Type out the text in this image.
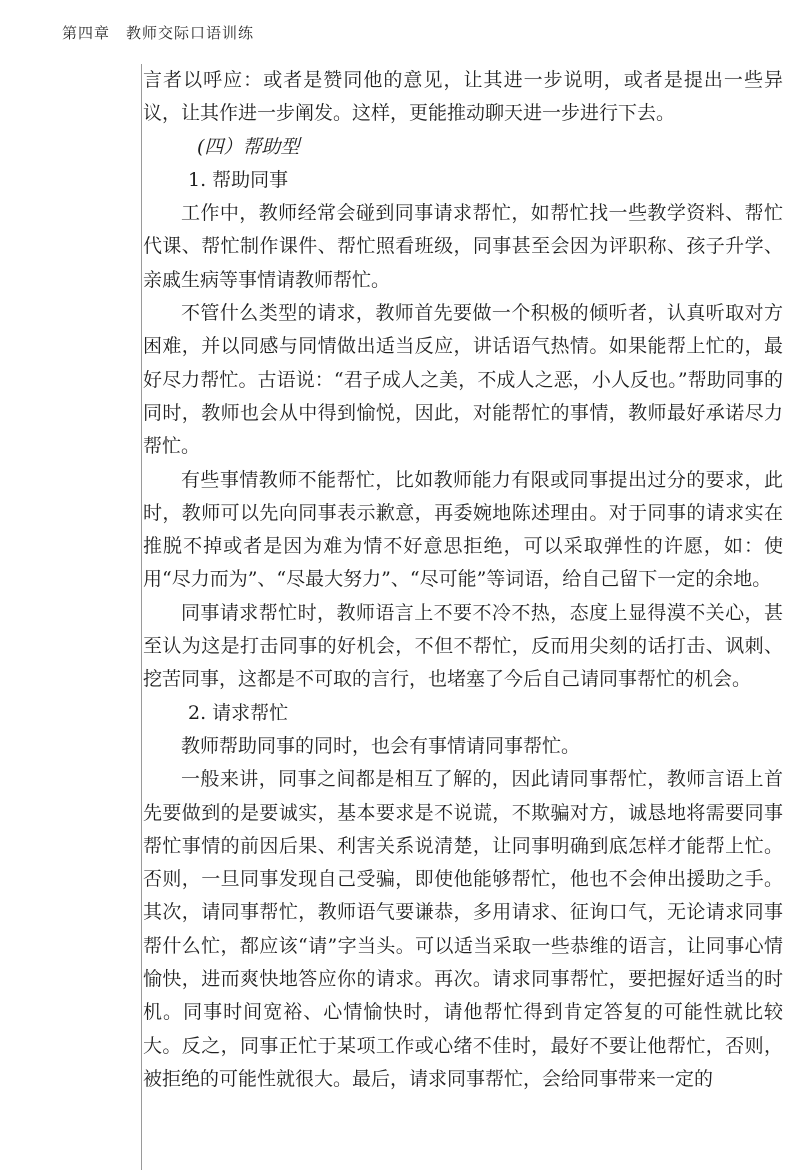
第四章　教师交际口语训练

言者以呼应：或者是赞同他的意见，让其进一步说明，或者是提出一些异议，让其作进一步阐发。这样，更能推动聊天进一步进行下去。

(四）帮助型

1. 帮助同事

工作中，教师经常会碰到同事请求帮忙，如帮忙找一些教学资料、帮忙代课、帮忙制作课件、帮忙照看班级，同事甚至会因为评职称、孩子升学、亲戚生病等事情请教师帮忙。

不管什么类型的请求，教师首先要做一个积极的倾听者，认真听取对方困难，并以同感与同情做出适当反应，讲话语气热情。如果能帮上忙的，最好尽力帮忙。古语说：“君子成人之美，不成人之恶，小人反也。”帮助同事的同时，教师也会从中得到愉悦，因此，对能帮忙的事情，教师最好承诺尽力帮忙。

有些事情教师不能帮忙，比如教师能力有限或同事提出过分的要求，此时，教师可以先向同事表示歉意，再委婉地陈述理由。对于同事的请求实在推脱不掉或者是因为难为情不好意思拒绝，可以采取弹性的许愿，如：使用“尽力而为”、“尽最大努力”、“尽可能”等词语，给自己留下一定的余地。

同事请求帮忙时，教师语言上不要不冷不热，态度上显得漠不关心，甚至认为这是打击同事的好机会，不但不帮忙，反而用尖刻的话打击、讽刺、挖苦同事，这都是不可取的言行，也堵塞了今后自己请同事帮忙的机会。

2. 请求帮忙

教师帮助同事的同时，也会有事情请同事帮忙。

一般来讲，同事之间都是相互了解的，因此请同事帮忙，教师言语上首先要做到的是要诚实，基本要求是不说谎，不欺骗对方，诚恳地将需要同事帮忙事情的前因后果、利害关系说清楚，让同事明确到底怎样才能帮上忙。否则，一旦同事发现自己受骗，即使他能够帮忙，他也不会伸出援助之手。其次，请同事帮忙，教师语气要谦恭，多用请求、征询口气，无论请求同事帮什么忙，都应该“请”字当头。可以适当采取一些恭维的语言，让同事心情愉快，进而爽快地答应你的请求。再次。请求同事帮忙，要把握好适当的时机。同事时间宽裕、心情愉快时，请他帮忙得到肯定答复的可能性就比较大。反之，同事正忙于某项工作或心绪不佳时，最好不要让他帮忙，否则，被拒绝的可能性就很大。最后，请求同事帮忙，会给同事带来一定的
